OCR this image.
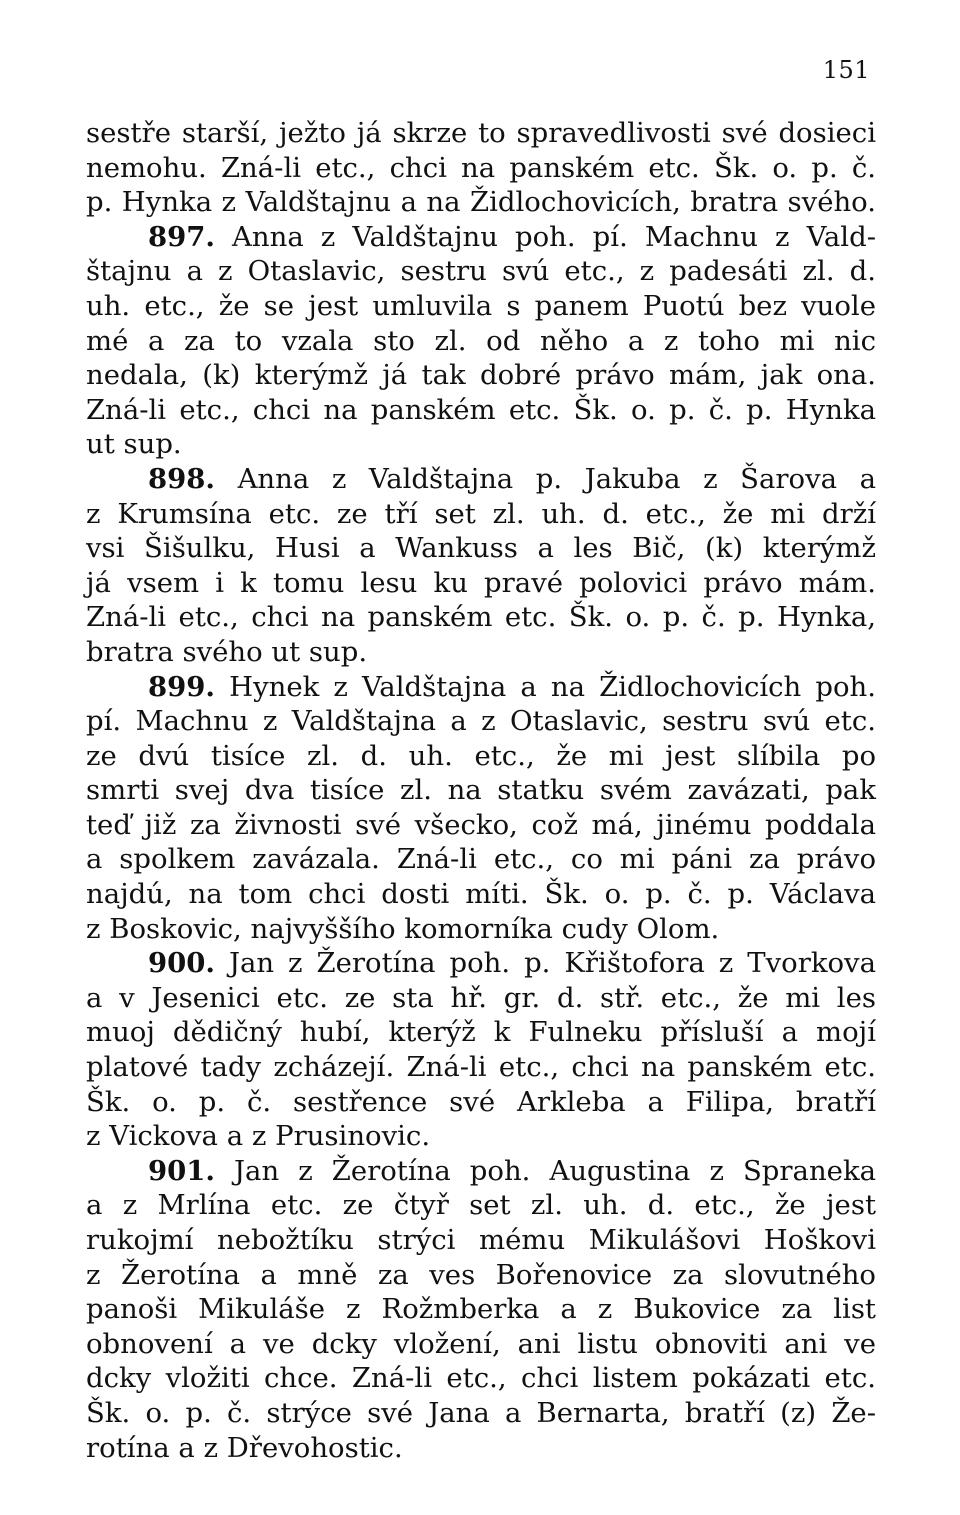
151
sestře starší, ježto já skrze to spravedlivosti své dosieci
nemohu. Zná-li etc., chci na panském etc. Šk. o. p. č.
p. Hynka z Valdštajnu a na Židlochovicích, bratra svého.
897. Anna z Valdštajnu poh. pí. Machnu z Vald-
štajnu a z Otaslavic, sestru svú etc., z padesáti zl. d.
uh. etc., že se jest umluvila s panem Puotú bez vuole
mé a za to vzala sto zl. od něho a z toho mi nic
nedala, (k) kterýmž já tak dobré právo mám, jak ona.
Zná-li etc., chci na panském etc. Šk. o. p. č. p. Hynka
ut sup.
898. Anna z Valdštajna p. Jakuba z Šarova a
z Krumsína etc. ze tří set zl. uh. d. etc., že mi drží
vsi Šišulku, Husi a Wankuss a les Bič, (k) kterýmž
já vsem i k tomu lesu ku pravé polovici právo mám.
Zná-li etc., chci na panském etc. Šk. o. p. č. p. Hynka,
bratra svého ut sup.
899. Hynek z Valdštajna a na Židlochovicích poh.
pí. Machnu z Valdštajna a z Otaslavic, sestru svú etc.
ze dvú tisíce zl. d. uh. etc., že mi jest slíbila po
smrti svej dva tisíce zl. na statku svém zavázati, pak
teď již za živnosti své všecko, což má, jinému poddala
a spolkem zavázala. Zná-li etc., co mi páni za právo
najdú, na tom chci dosti míti. Šk. o. p. č. p. Václava
z Boskovic, najvyššího komorníka cudy Olom.
900. Jan z Žerotína poh. p. Křištofora z Tvorkova
a v Jesenici etc. ze sta hř. gr. d. stř. etc., že mi les
muoj dědičný hubí, kterýž k Fulneku přísluší a mojí
platové tady zcházejí. Zná-li etc., chci na panském etc.
Šk. o. p. č. sestřence své Arkleba a Filipa, bratří
z Vickova a z Prusinovic.
901. Jan z Žerotína poh. Augustina z Spraneka
a z Mrlína etc. ze čtyř set zl. uh. d. etc., že jest
rukojmí nebožtíku strýci mému Mikulášovi Hoškovi
z Žerotína a mně za ves Bořenovice za slovutného
panoši Mikuláše z Rožmberka a z Bukovice za list
obnovení a ve dcky vložení, ani listu obnoviti ani ve
dcky vložiti chce. Zná-li etc., chci listem pokázati etc.
Šk. o. p. č. strýce své Jana a Bernarta, bratří (z) Že-
rotína a z Dřevohostic.
